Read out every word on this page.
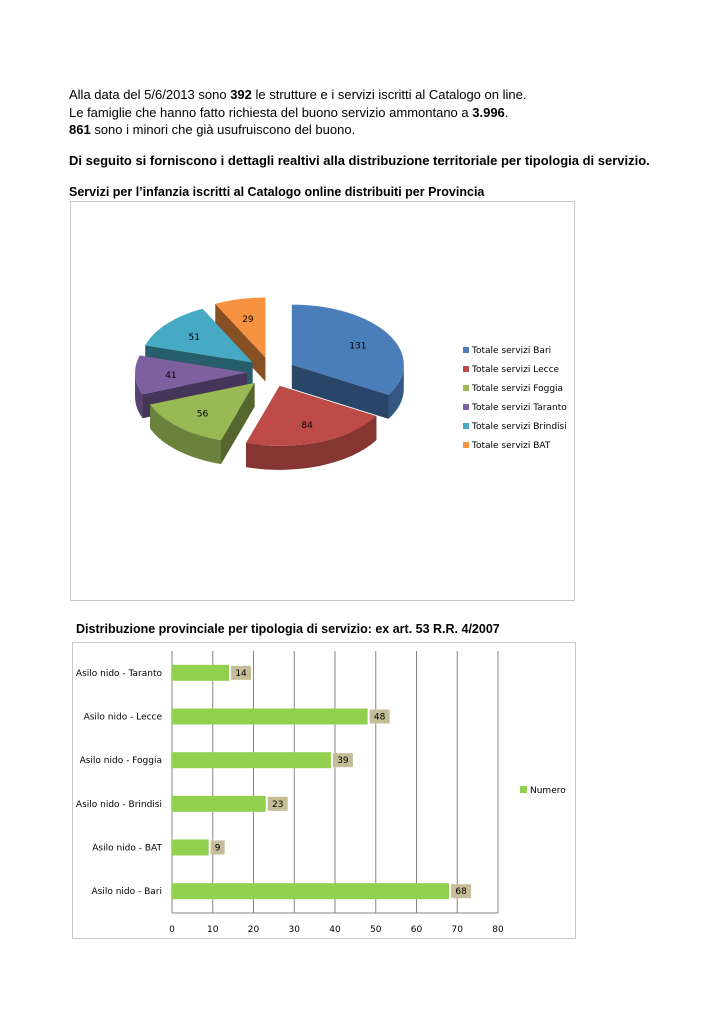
Alla data del 5/6/2013 sono 392 le strutture e i servizi iscritti al Catalogo on line.

Le famiglie che hanno fatto richiesta del buono servizio ammontano a 3.996.

861 sono i minori che già usufruiscono del buono.

Di seguito si forniscono i dettagli realtivi alla distribuzione territoriale per tipologia di servizio.
Servizi per l’infanzia iscritti al Catalogo online distribuiti per Provincia
131
84
56
41
51
29
Totale servizi Bari
Totale servizi Lecce
Totale servizi Foggia
Totale servizi Taranto
Totale servizi Brindisi
Totale servizi BAT
Distribuzione provinciale per tipologia di servizio: ex art. 53 R.R. 4/2007
0	10	20	30	40	50	60	70	80
Asilo nido - Taranto	14
Asilo nido - Lecce	48
Asilo nido - Foggia	39
Asilo nido - Brindisi	23
Asilo nido - BAT	9
Asilo nido - Bari	68
Numero
